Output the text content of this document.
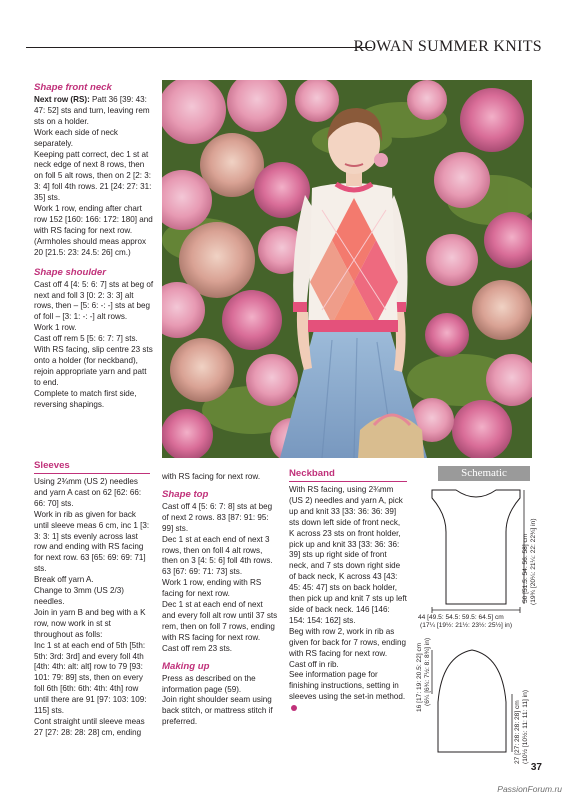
ROWAN SUMMER KNITS

Shape front neck

Next row (RS): Patt 36 [39: 43: 47: 52] sts and turn, leaving rem sts on a holder.

Work each side of neck separately.

Keeping patt correct, dec 1 st at neck edge of next 8 rows, then on foll 5 alt rows, then on 2 [2: 3: 3: 4] foll 4th rows. 21 [24: 27: 31: 35] sts.

Work 1 row, ending after chart row 152 [160: 166: 172: 180] and with RS facing for next row. (Armholes should meas approx 20 [21.5: 23: 24.5: 26] cm.)

Shape shoulder

Cast off 4 [4: 5: 6: 7] sts at beg of next and foll 3 [0: 2: 3: 3] alt rows, then – [5: 6: -: -] sts at beg of foll – [3: 1: -: -] alt rows.

Work 1 row.

Cast off rem 5 [5: 6: 7: 7] sts.

With RS facing, slip centre 23 sts onto a holder (for neckband), rejoin appropriate yarn and patt to end.

Complete to match first side, reversing shapings.

Sleeves

Using 2¾mm (US 2) needles and yarn A cast on 62 [62: 66: 66: 70] sts.

Work in rib as given for back until sleeve meas 6 cm, inc 1 [3: 3: 3: 1] sts evenly across last row and ending with RS facing for next row. 63 [65: 69: 69: 71] sts.

Break off yarn A.

Change to 3mm (US 2/3) needles.

Join in yarn B and beg with a K row, now work in st st throughout as folls:

Inc 1 st at each end of 5th [5th: 5th: 3rd: 3rd] and every foll 4th [4th: 4th: alt: alt] row to 79 [93: 101: 79: 89] sts, then on every foll 6th [6th: 6th: 4th: 4th] row until there are 91 [97: 103: 109: 115] sts.

Cont straight until sleeve meas 27 [27: 28: 28: 28] cm, ending

with RS facing for next row.

Shape top

Cast off 4 [5: 6: 7: 8] sts at beg of next 2 rows. 83 [87: 91: 95: 99] sts.

Dec 1 st at each end of next 3 rows, then on foll 4 alt rows, then on 3 [4: 5: 6] foll 4th rows. 63 [67: 69: 71: 73] sts.

Work 1 row, ending with RS facing for next row.

Dec 1 st at each end of next and every foll alt row until 37 sts rem, then on foll 7 rows, ending with RS facing for next row.

Cast off rem 23 sts.

Making up

Press as described on the information page (59).

Join right shoulder seam using back stitch, or mattress stitch if preferred.

Neckband

With RS facing, using 2¾mm (US 2) needles and yarn A, pick up and knit 33 [33: 36: 36: 39] sts down left side of front neck, K across 23 sts on front holder, pick up and knit 33 [33: 36: 36: 39] sts up right side of front neck, and 7 sts down right side of back neck, K across 43 [43: 45: 45: 47] sts on back holder, then pick up and knit 7 sts up left side of back neck. 146 [146: 154: 154: 162] sts.

Beg with row 2, work in rib as given for back for 7 rows, ending with RS facing for next row.

Cast off in rib.

See information page for finishing instructions, setting in sleeves using the set-in method.

Schematic
44 [49.5: 54.5: 59.5: 64.5] cm
(17¼ [19½: 21½: 23½: 25½] in)
50 [51.5: 54: 56: 58] cm (19¾ [20¼: 21¼: 22: 22¾] in)
16 [17: 19: 20.5: 22] cm (6¼ [6¾: 7½: 8: 8¾] in)
27 [27: 28: 28: 28] cm (10½ [10½: 11: 11: 11] in)
37
PassionForum.ru
